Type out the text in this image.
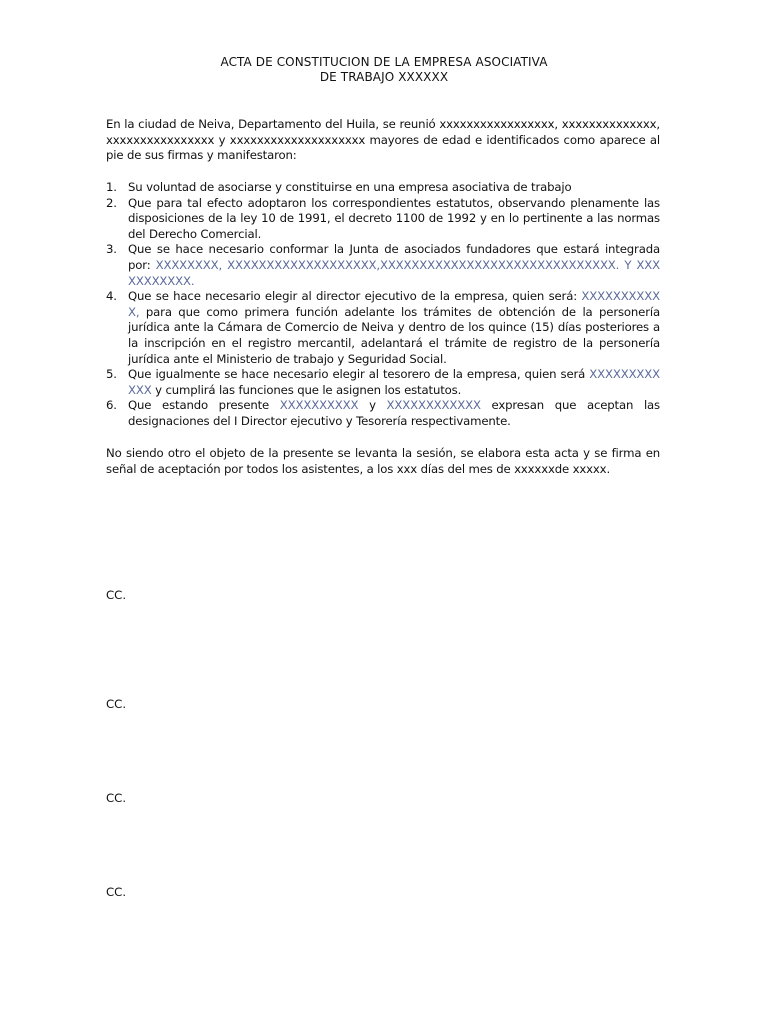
ACTA DE CONSTITUCION DE LA EMPRESA ASOCIATIVA
DE TRABAJO XXXXXX
En la ciudad de Neiva, Departamento del Huila, se reunió xxxxxxxxxxxxxxxxx, xxxxxxxxxxxxxx, xxxxxxxxxxxxxxxx y xxxxxxxxxxxxxxxxxxxx mayores de edad e identificados como aparece al pie de sus firmas y manifestaron:
1. Su voluntad de asociarse y constituirse en una empresa asociativa de trabajo
2. Que para tal efecto adoptaron los correspondientes estatutos, observando plenamente las disposiciones de la ley 10 de 1991, el decreto 1100 de 1992 y en lo pertinente a las normas del Derecho Comercial.
3. Que se hace necesario conformar la Junta de asociados fundadores que estará integrada por: XXXXXXXX, XXXXXXXXXXXXXXXXXXX,XXXXXXXXXXXXXXXXXXXXXXXXXXXXXX. Y XXXXXXXXXXX.
4. Que se hace necesario elegir al director ejecutivo de la empresa, quien será: XXXXXXXXXXX, para que como primera función adelante los trámites de obtención de la personería jurídica ante la Cámara de Comercio de Neiva y dentro de los quince (15) días posteriores a la inscripción en el registro mercantil, adelantará el trámite de registro de la personería jurídica ante el Ministerio de trabajo y Seguridad Social.
5. Que igualmente se hace necesario elegir al tesorero de la empresa, quien será XXXXXXXXXXXX y cumplirá las funciones que le asignen los estatutos.
6. Que estando presente XXXXXXXXXX y XXXXXXXXXXXX expresan que aceptan las designaciones del I Director ejecutivo y Tesorería respectivamente.
No siendo otro el objeto de la presente se levanta la sesión, se elabora esta acta y se firma en señal de aceptación por todos los asistentes, a los xxx días del mes de xxxxxxde xxxxx.
CC.
CC.
CC.
CC.
